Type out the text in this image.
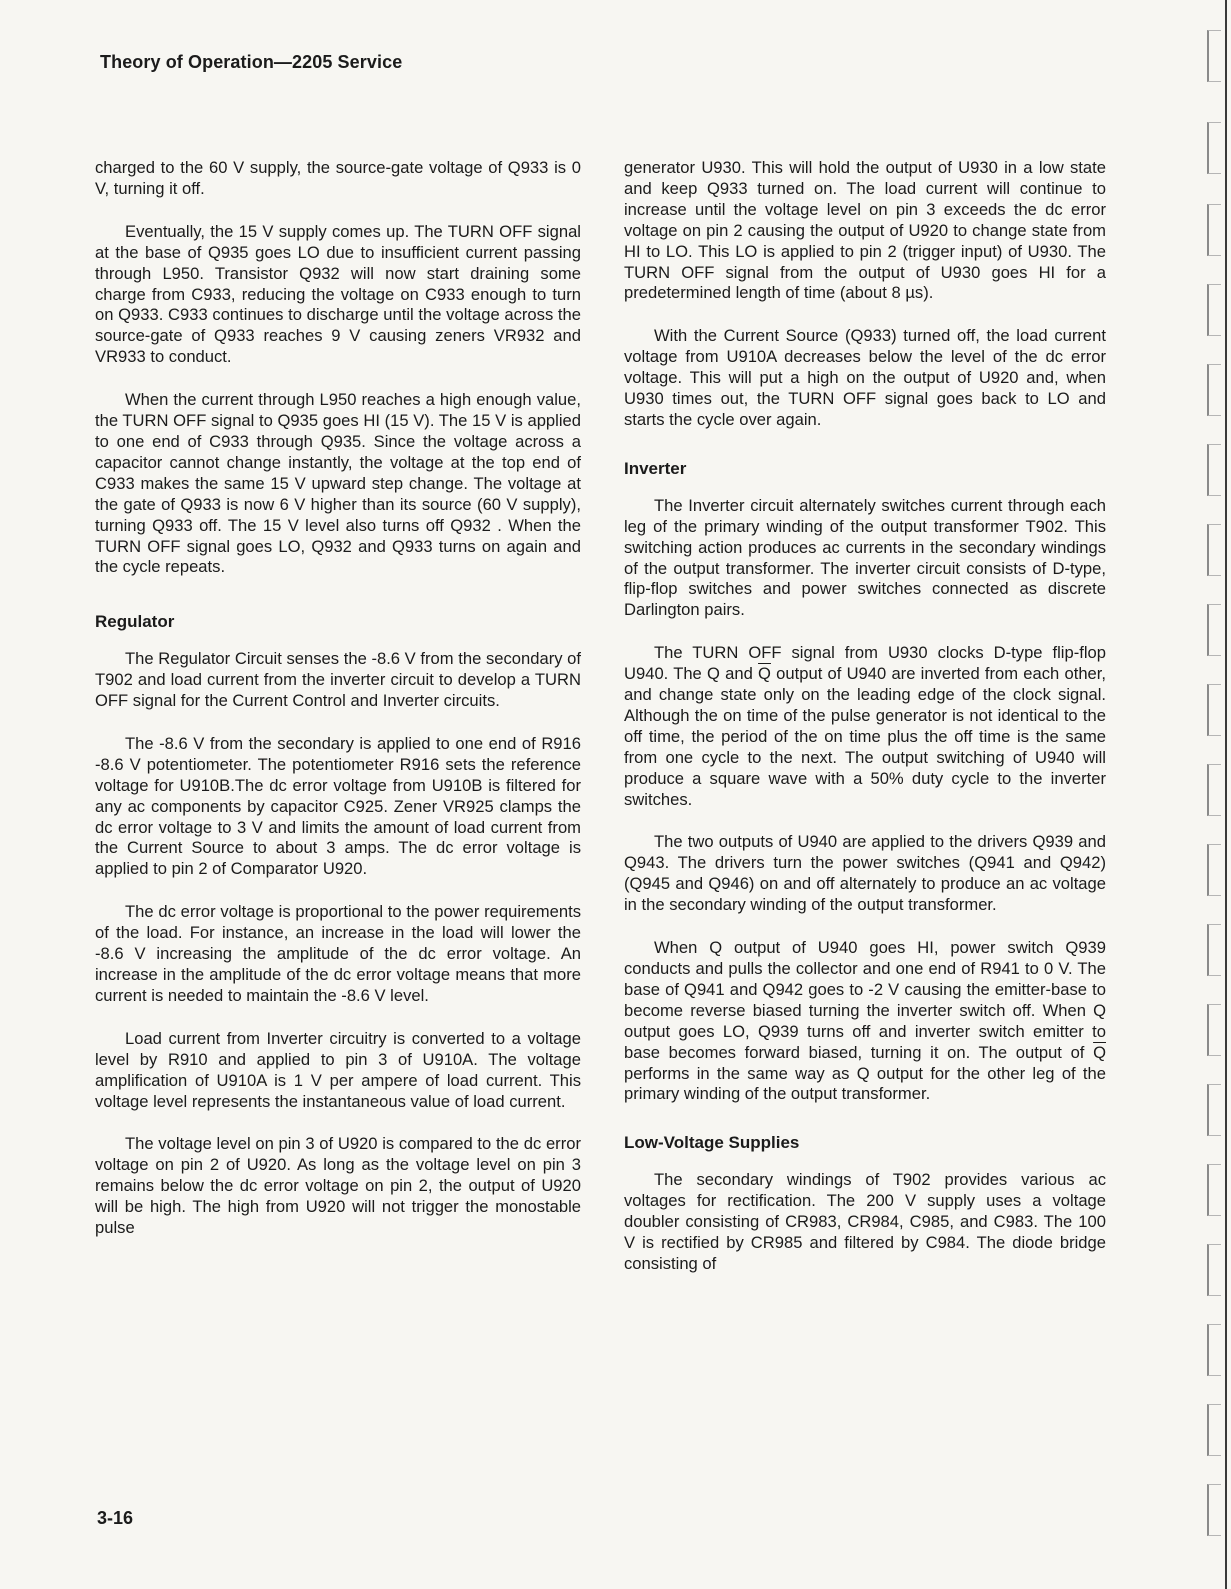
Theory of Operation—2205 Service

charged to the 60 V supply, the source-gate voltage of Q933 is 0 V, turning it off.

Eventually, the 15 V supply comes up. The TURN OFF signal at the base of Q935 goes LO due to insufficient current passing through L950. Transistor Q932 will now start draining some charge from C933, reducing the voltage on C933 enough to turn on Q933. C933 continues to discharge until the voltage across the source-gate of Q933 reaches 9 V causing zeners VR932 and VR933 to conduct.

When the current through L950 reaches a high enough value, the TURN OFF signal to Q935 goes HI (15 V). The 15 V is applied to one end of C933 through Q935. Since the voltage across a capacitor cannot change instantly, the voltage at the top end of C933 makes the same 15 V upward step change. The voltage at the gate of Q933 is now 6 V higher than its source (60 V supply), turning Q933 off. The 15 V level also turns off Q932 . When the TURN OFF signal goes LO, Q932 and Q933 turns on again and the cycle repeats.

Regulator

The Regulator Circuit senses the -8.6 V from the secondary of T902 and load current from the inverter circuit to develop a TURN OFF signal for the Current Control and Inverter circuits.

The -8.6 V from the secondary is applied to one end of R916 -8.6 V potentiometer. The potentiometer R916 sets the reference voltage for U910B.The dc error voltage from U910B is filtered for any ac components by capacitor C925. Zener VR925 clamps the dc error voltage to 3 V and limits the amount of load current from the Current Source to about 3 amps. The dc error voltage is applied to pin 2 of Comparator U920.

The dc error voltage is proportional to the power requirements of the load. For instance, an increase in the load will lower the -8.6 V increasing the amplitude of the dc error voltage. An increase in the amplitude of the dc error voltage means that more current is needed to maintain the -8.6 V level.

Load current from Inverter circuitry is converted to a voltage level by R910 and applied to pin 3 of U910A. The voltage amplification of U910A is 1 V per ampere of load current. This voltage level represents the instantaneous value of load current.

The voltage level on pin 3 of U920 is compared to the dc error voltage on pin 2 of U920. As long as the voltage level on pin 3 remains below the dc error voltage on pin 2, the output of U920 will be high. The high from U920 will not trigger the monostable pulse

generator U930. This will hold the output of U930 in a low state and keep Q933 turned on. The load current will continue to increase until the voltage level on pin 3 exceeds the dc error voltage on pin 2 causing the output of U920 to change state from HI to LO. This LO is applied to pin 2 (trigger input) of U930. The TURN OFF signal from the output of U930 goes HI for a predetermined length of time (about 8 µs).

With the Current Source (Q933) turned off, the load current voltage from U910A decreases below the level of the dc error voltage. This will put a high on the output of U920 and, when U930 times out, the TURN OFF signal goes back to LO and starts the cycle over again.

Inverter

The Inverter circuit alternately switches current through each leg of the primary winding of the output transformer T902. This switching action produces ac currents in the secondary windings of the output transformer. The inverter circuit consists of D-type, flip-flop switches and power switches connected as discrete Darlington pairs.

The TURN OFF signal from U930 clocks D-type flip-flop U940. The Q and $\overline{Q}$ output of U940 are inverted from each other, and change state only on the leading edge of the clock signal. Although the on time of the pulse generator is not identical to the off time, the period of the on time plus the off time is the same from one cycle to the next. The output switching of U940 will produce a square wave with a 50% duty cycle to the inverter switches.

The two outputs of U940 are applied to the drivers Q939 and Q943. The drivers turn the power switches (Q941 and Q942) (Q945 and Q946) on and off alternately to produce an ac voltage in the secondary winding of the output transformer.

When Q output of U940 goes HI, power switch Q939 conducts and pulls the collector and one end of R941 to 0 V. The base of Q941 and Q942 goes to -2 V causing the emitter-base to become reverse biased turning the inverter switch off. When Q output goes LO, Q939 turns off and inverter switch emitter to base becomes forward biased, turning it on. The output of $\overline{Q}$ performs in the same way as Q output for the other leg of the primary winding of the output transformer.

Low-Voltage Supplies

The secondary windings of T902 provides various ac voltages for rectification. The 200 V supply uses a voltage doubler consisting of CR983, CR984, C985, and C983. The 100 V is rectified by CR985 and filtered by C984. The diode bridge consisting of

3-16
